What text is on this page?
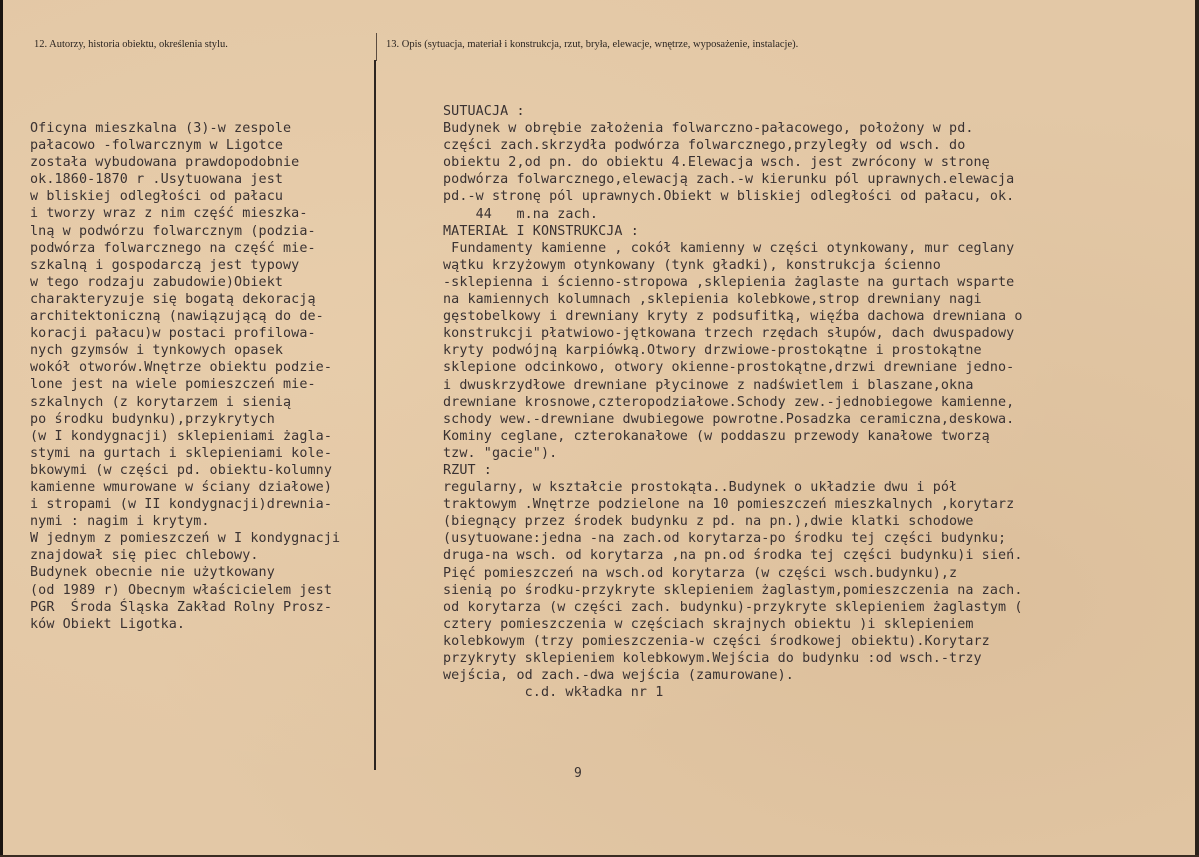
12. Autorzy, historia obiektu, określenia stylu.	13. Opis (sytuacja, materiał i konstrukcja, rzut, bryła, elewacje, wnętrze, wyposażenie, instalacje).
Oficyna mieszkalna (3)-w zespole
pałacowo -folwarcznym w Ligotce
została wybudowana prawdopodobnie
ok.1860-1870 r .Usytuowana jest
w bliskiej odległości od pałacu
i tworzy wraz z nim część mieszka-
lną w podwórzu folwarcznym (podzia-
podwórza folwarcznego na część mie-
szkalną i gospodarczą jest typowy
w tego rodzaju zabudowie)Obiekt
charakteryzuje się bogatą dekoracją
architektoniczną (nawiązującą do de-
koracji pałacu)w postaci profilowa-
nych gzymsów i tynkowych opasek
wokół otworów.Wnętrze obiektu podzie-
lone jest na wiele pomieszczeń mie-
szkalnych (z korytarzem i sienią
po środku budynku),przykrytych
(w I kondygnacji) sklepieniami żagla-
stymi na gurtach i sklepieniami kole-
bkowymi (w części pd. obiektu-kolumny
kamienne wmurowane w ściany działowe)
i stropami (w II kondygnacji)drewnia-
nymi : nagim i krytym.
W jednym z pomieszczeń w I kondygnacji
znajdował się piec chlebowy.
Budynek obecnie nie użytkowany
(od 1989 r) Obecnym właścicielem jest
PGR  Środa Śląska Zakład Rolny Prosz-
ków Obiekt Ligotka.
SUTUACJA :
Budynek w obrębie założenia folwarczno-pałacowego, położony w pd.
części zach.skrzydła podwórza folwarcznego,przyległy od wsch. do
obiektu 2,od pn. do obiektu 4.Elewacja wsch. jest zwrócony w stronę
podwórza folwarcznego,elewacją zach.-w kierunku pól uprawnych.elewacja
pd.-w stronę pól uprawnych.Obiekt w bliskiej odległości od pałacu, ok.
44   m.na zach.
MATERIAŁ I KONSTRUKCJA :
Fundamenty kamienne , cokół kamienny w części otynkowany, mur ceglany
wątku krzyżowym otynkowany (tynk gładki), konstrukcja ścienno
-sklepienna i ścienno-stropowa ,sklepienia żaglaste na gurtach wsparte
na kamiennych kolumnach ,sklepienia kolebkowe,strop drewniany nagi
gęstobelkowy i drewniany kryty z podsufitką, więźba dachowa drewniana o
konstrukcji płatwiowo-jętkowana trzech rzędach słupów, dach dwuspadowy
kryty podwójną karpiówką.Otwory drzwiowe-prostokątne i prostokątne
sklepione odcinkowo, otwory okienne-prostokątne,drzwi drewniane jedno-
i dwuskrzydłowe drewniane płycinowe z nadświetlem i blaszane,okna
drewniane krosnowe,czteropodziałowe.Schody zew.-jednobiegowe kamienne,
schody wew.-drewniane dwubiegowe powrotne.Posadzka ceramiczna,deskowa.
Kominy ceglane, czterokanałowe (w poddaszu przewody kanałowe tworzą
tzw. "gacie").
RZUT :
regularny, w kształcie prostokąta..Budynek o układzie dwu i pół
traktowym .Wnętrze podzielone na 10 pomieszczeń mieszkalnych ,korytarz
(biegnący przez środek budynku z pd. na pn.),dwie klatki schodowe
(usytuowane:jedna -na zach.od korytarza-po środku tej części budynku;
druga-na wsch. od korytarza ,na pn.od środka tej części budynku)i sień.
Pięć pomieszczeń na wsch.od korytarza (w części wsch.budynku),z
sienią po środku-przykryte sklepieniem żaglastym,pomieszczenia na zach.
od korytarza (w części zach. budynku)-przykryte sklepieniem żaglastym (
cztery pomieszczenia w częściach skrajnych obiektu )i sklepieniem
kolebkowym (trzy pomieszczenia-w części środkowej obiektu).Korytarz
przykryty sklepieniem kolebkowym.Wejścia do budynku :od wsch.-trzy
wejścia, od zach.-dwa wejścia (zamurowane).
c.d. wkładka nr 1
9
